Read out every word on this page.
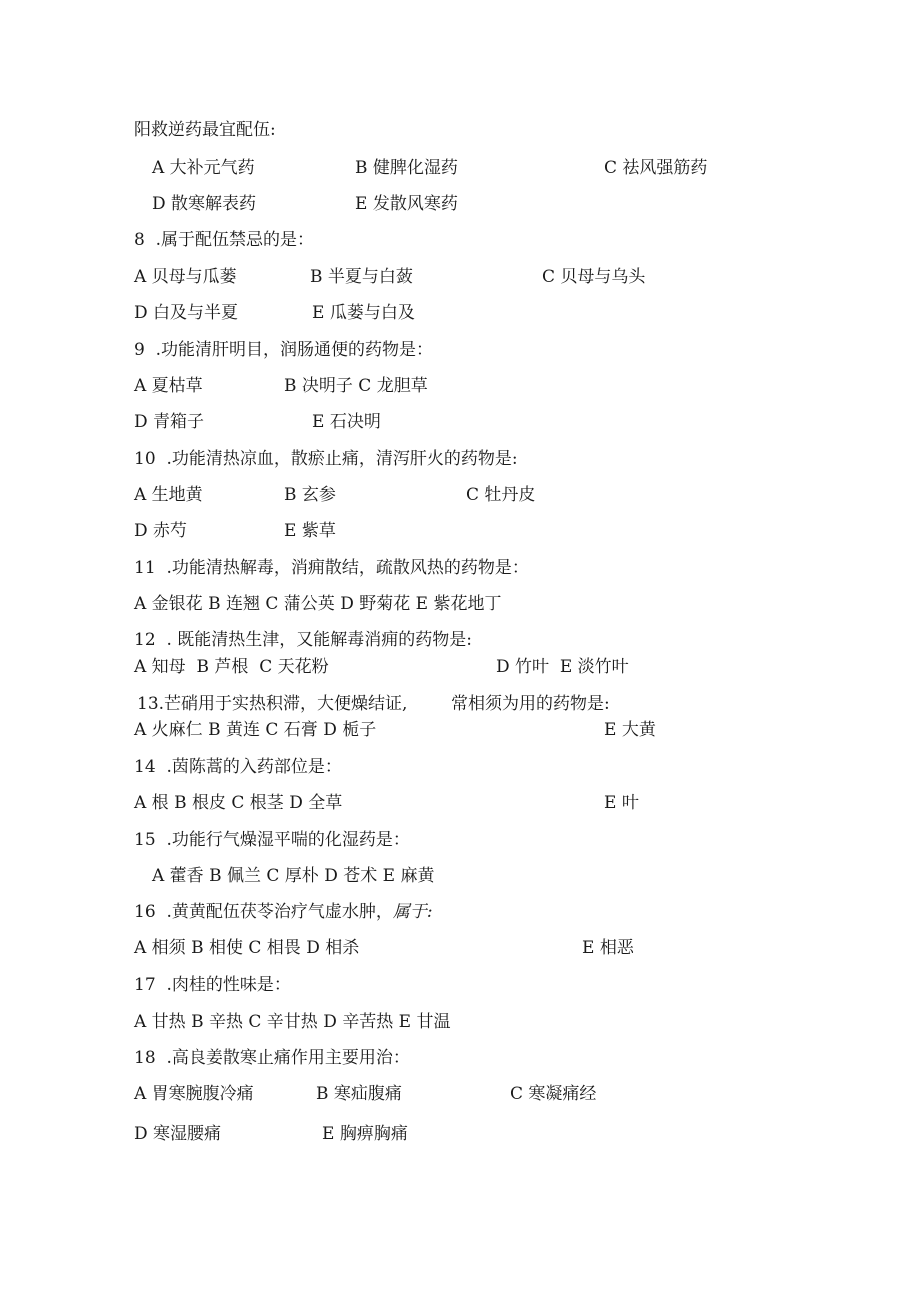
阳救逆药最宜配伍:
A 大补元气药	B 健脾化湿药	C 祛风强筋药
D 散寒解表药	E 发散风寒药
8  .属于配伍禁忌的是：
A 贝母与瓜蒌	B 半夏与白蔹	C 贝母与乌头
D 白及与半夏	E 瓜蒌与白及
9  .功能清肝明目，润肠通便的药物是：
A 夏枯草	B 决明子 C 龙胆草
D 青箱子	E 石决明
10  .功能清热凉血，散瘀止痛，清泻肝火的药物是:
A 生地黄	B 玄参	C 牡丹皮
D 赤芍	E 紫草
11  .功能清热解毒，消痈散结，疏散风热的药物是：
A 金银花 B 连翘 C 蒲公英 D 野菊花 E 紫花地丁
12  . 既能清热生津，又能解毒消痈的药物是:
A 知母  B 芦根  C 天花粉	D 竹叶  E 淡竹叶
13.芒硝用于实热积滞，大便燥结证,	常相须为用的药物是:
A 火麻仁 B 黄连 C 石膏 D 栀子	E 大黄
14  .茵陈蒿的入药部位是：
A 根 B 根皮 C 根茎 D 全草	E 叶
15  .功能行气燥湿平喘的化湿药是：
A 藿香 B 佩兰 C 厚朴 D 苍术 E 麻黄
16  .黄黄配伍茯苓治疗气虚水肿，属于:
A 相须 B 相使 C 相畏 D 相杀	E 相恶
17  .肉桂的性味是：
A 甘热 B 辛热 C 辛甘热 D 辛苦热 E 甘温
18  .高良姜散寒止痛作用主要用治：
A 胃寒腕腹冷痛	B 寒疝腹痛	C 寒凝痛经
D 寒湿腰痛	E 胸痹胸痛
